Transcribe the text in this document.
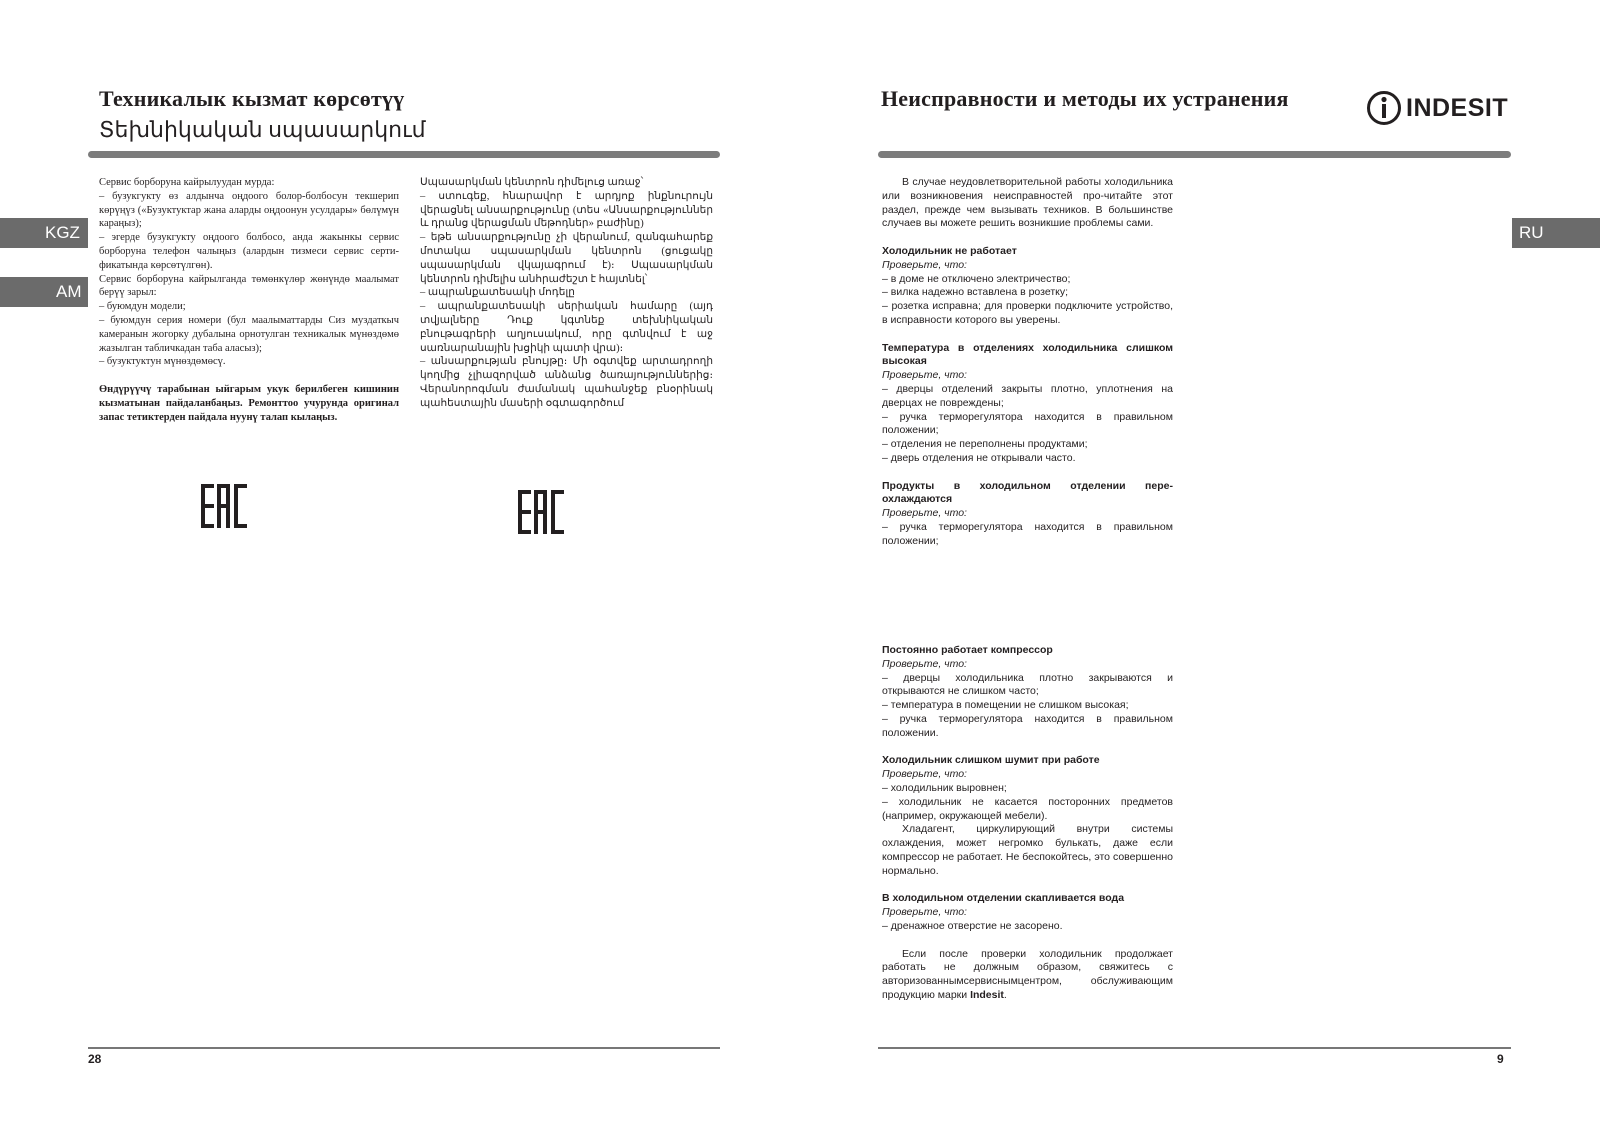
Техникалык кызмат көрсөтүү
Տեխնիկական սպասարկում
KGZ
AM

Сервис борборуна кайрылуудан мурда:

– бузукгукту өз алдынча оңдоого болор-болбосун текшерип көрүңүз («Бузуктуктар жана аларды оңдоонун усулдары» бөлүмүн караңыз);

– эгерде бузукгукту оңдоого болбосо, анда жакынкы сервис борборуна телефон чалыңыз (алардын тизмеси сервис серти-фикатында көрсөтүлгөн).

Сервис борборуна кайрылганда төмөнкүлөр жөнүндө маалымат берүү зарыл:

– буюмдун модели;

– буюмдун серия номери (бул маалыматтарды Сиз муздаткыч камеранын жогорку дубалына орнотулган техникалык мүнөздөмө жазылган табличкадан таба аласыз);

– бузуктуктун мүнөздөмөсү.

Өндүрүүчү тарабынан ыйгарым укук берилбеген кишинин кызматынан пайдаланбаңыз. Ремонттоо учурунда оригинал запас тетиктерден пайдала нуунү талап кылаңыз.

Սպասարկման կենտրոն դիմելուց առաջ՝

– ստուգեք, հնարավոր է արդյոք ինքնուրույն վերացնել անսարքությունը (տես «Անսարքություններ և դրանց վերացման մեթոդներ» բաժինը)

– եթե անսարքությունը չի վերանում, զանգահարեք մոտակա սպասարկման կենտրոն (ցուցակը սպասարկման վկայագրում է)։ Սպասարկման կենտրոն դիմելիս անհրաժեշտ է հայտնել՝

– ապրանքատեսակի մոդելը

– ապրանքատեսակի սերիական համարը (այդ տվյալները Դուք կգտնեք տեխնիկական բնութագրերի աղյուսակում, որը գտնվում է աջ սառնարանային խցիկի պատի վրա)։

– անսարքության բնույթը։ Մի օգտվեք արտադրողի կողմից չլիազորված անձանց ծառայություններից։ Վերանորոգման ժամանակ պահանջեք բնօրինակ պահեստային մասերի օգտագործում

28
Неисправности и методы их устранения	INDESIT
RU

В случае неудовлетворительной работы холодильника или возникновения неисправностей про-читайте этот раздел, прежде чем вызывать техников. В большинстве случаев вы можете решить возникшие проблемы сами.

Холодильник не работает

Проверьте, что:

– в доме не отключено электричество;

– вилка надежно вставлена в розетку;

– розетка исправна; для проверки подключите устройство, в исправности которого вы уверены.

Температура в отделениях холодильника слишком высокая

Проверьте, что:

– дверцы отделений закрыты плотно, уплотнения на дверцах не повреждены;

– ручка терморегулятора находится в правильном положении;

– отделения не переполнены продуктами;

– дверь отделения не открывали часто.

Продукты в холодильном отделении пере-охлаждаются

Проверьте, что:

– ручка терморегулятора находится в правильном положении;

Постоянно работает компрессор

Проверьте, что:

– дверцы холодильника плотно закрываются и открываются не слишком часто;

– температура в помещении не слишком высокая;

– ручка терморегулятора находится в правильном положении.

Холодильник слишком шумит при работе

Проверьте, что:

– холодильник выровнен;

– холодильник не касается посторонних предметов (например, окружающей мебели).

Хладагент, циркулирующий внутри системы охлаждения, может негромко булькать, даже если компрессор не работает. Не беспокойтесь, это совершенно нормально.

В холодильном отделении скапливается вода

Проверьте, что:

– дренажное отверстие не засорено.

Если после проверки холодильник продолжает работать не должным образом, свяжитесь с авторизованнымсервиснымцентром, обслуживающим продукцию марки Indesit.

9
